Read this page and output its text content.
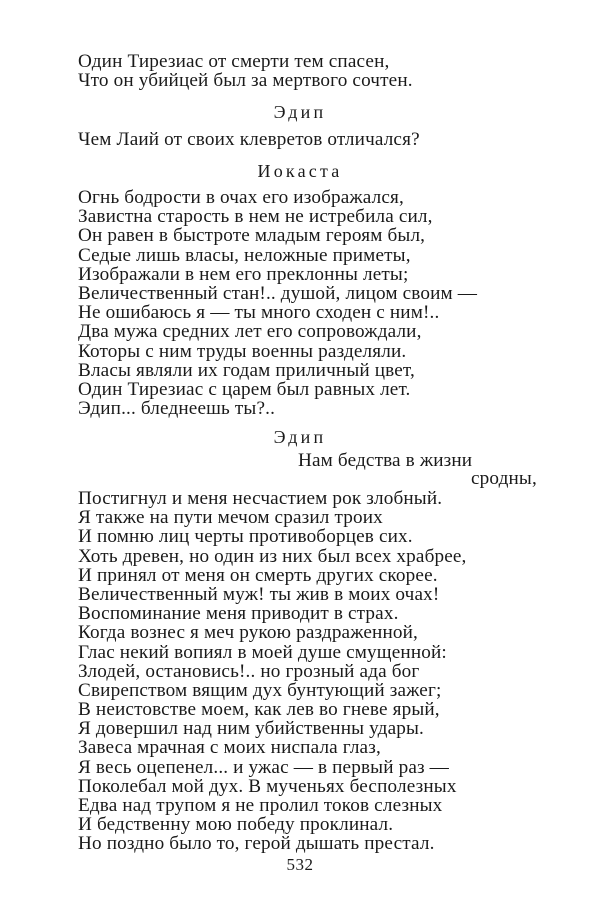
Один Тирезиас от смерти тем спасен,
Что он убийцей был за мертвого сочтен.
Эдип
Чем Лаий от своих клевретов отличался?
Иокаста
Огнь бодрости в очах его изображался,
Завистна старость в нем не истребила сил,
Он равен в быстроте младым героям был,
Седые лишь власы, неложные приметы,
Изображали в нем его преклонны леты;
Величественный стан!.. душой, лицом своим —
Не ошибаюсь я — ты много сходен с ним!..
Два мужа средних лет его сопровождали,
Которы с ним труды военны разделяли.
Власы являли их годам приличный цвет,
Один Тирезиас с царем был равных лет.
Эдип... бледнеешь ты?..
Эдип
Нам бедства в жизни
сродны,
Постигнул и меня несчастием рок злобный.
Я также на пути мечом сразил троих
И помню лиц черты противоборцев сих.
Хоть древен, но один из них был всех храбрее,
И принял от меня он смерть других скорее.
Величественный муж! ты жив в моих очах!
Воспоминание меня приводит в страх.
Когда вознес я меч рукою раздраженной,
Глас некий вопиял в моей душе смущенной:
Злодей, остановись!.. но грозный ада бог
Свирепством вящим дух бунтующий зажег;
В неистовстве моем, как лев во гневе ярый,
Я довершил над ним убийственны удары.
Завеса мрачная с моих ниспала глаз,
Я весь оцепенел... и ужас — в первый раз —
Поколебал мой дух. В мученьях бесполезных
Едва над трупом я не пролил токов слезных
И бедственну мою победу проклинал.
Но поздно было то, герой дышать престал.
532
